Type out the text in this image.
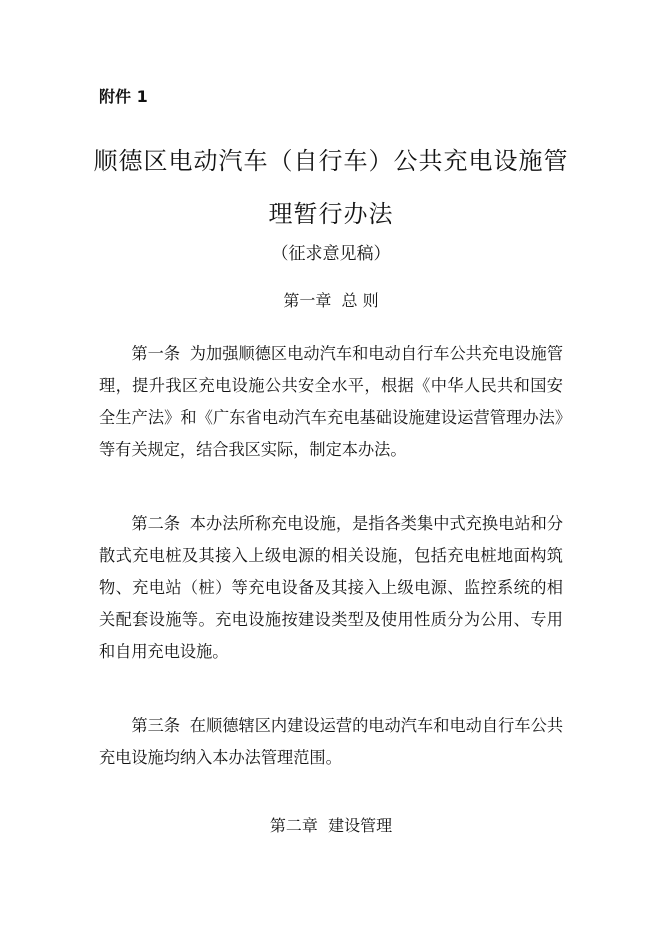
附件 1
顺德区电动汽车（自行车）公共充电设施管
理暂行办法
（征求意见稿）
第一章 总 则
第一条 为加强顺德区电动汽车和电动自行车公共充电设施管理，提升我区充电设施公共安全水平，根据《中华人民共和国安全生产法》和《广东省电动汽车充电基础设施建设运营管理办法》等有关规定，结合我区实际，制定本办法。
第二条 本办法所称充电设施，是指各类集中式充换电站和分散式充电桩及其接入上级电源的相关设施，包括充电桩地面构筑物、充电站（桩）等充电设备及其接入上级电源、监控系统的相关配套设施等。充电设施按建设类型及使用性质分为公用、专用和自用充电设施。
第三条 在顺德辖区内建设运营的电动汽车和电动自行车公共充电设施均纳入本办法管理范围。
第二章 建设管理
